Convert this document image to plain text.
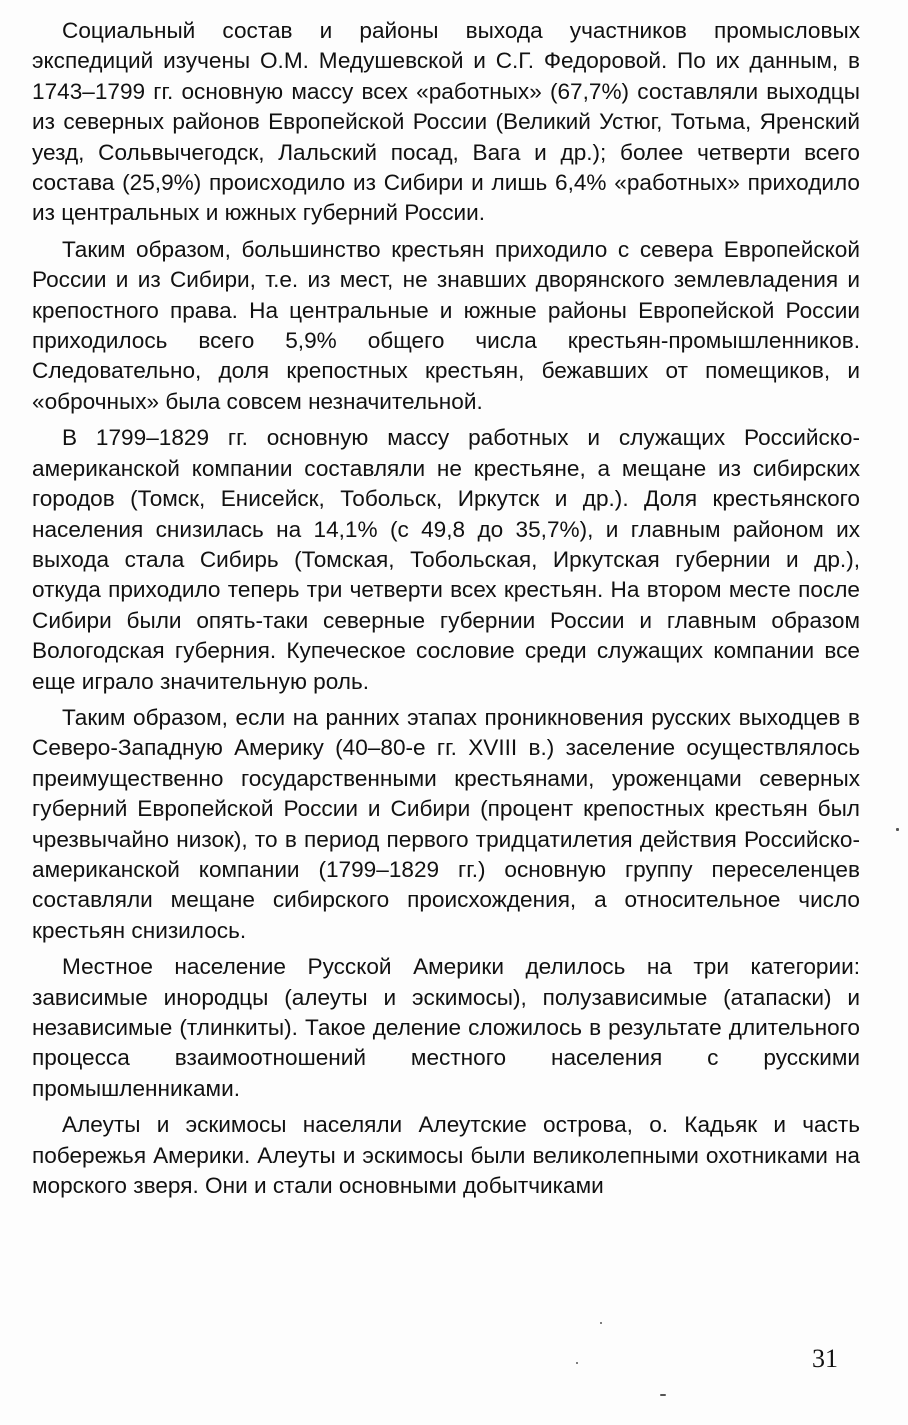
Социальный состав и районы выхода участников промысловых экспедиций изучены О.М. Медушевской и С.Г. Федоровой. По их данным, в 1743–1799 гг. основную массу всех «работных» (67,7%) составляли выходцы из северных районов Европейской России (Великий Устюг, Тотьма, Яренский уезд, Сольвычегодск, Лальский посад, Вага и др.); более четверти всего состава (25,9%) происходило из Сибири и лишь 6,4% «работных» приходило из центральных и южных губерний России.

Таким образом, большинство крестьян приходило с севера Европейской России и из Сибири, т.е. из мест, не знавших дворянского землевладения и крепостного права. На центральные и южные районы Европейской России приходилось всего 5,9% общего числа крестьян-промышленников. Следовательно, доля крепостных крестьян, бежавших от помещиков, и «оброчных» была совсем незначительной.

В 1799–1829 гг. основную массу работных и служащих Российско-американской компании составляли не крестьяне, а мещане из сибирских городов (Томск, Енисейск, Тобольск, Иркутск и др.). Доля крестьянского населения снизилась на 14,1% (с 49,8 до 35,7%), и главным районом их выхода стала Сибирь (Томская, Тобольская, Иркутская губернии и др.), откуда приходило теперь три четверти всех крестьян. На втором месте после Сибири были опять-таки северные губернии России и главным образом Вологодская губерния. Купеческое сословие среди служащих компании все еще играло значительную роль.

Таким образом, если на ранних этапах проникновения русских выходцев в Северо-Западную Америку (40–80-е гг. XVIII в.) заселение осуществлялось преимущественно государственными крестьянами, уроженцами северных губерний Европейской России и Сибири (процент крепостных крестьян был чрезвычайно низок), то в период первого тридцатилетия действия Российско-американской компании (1799–1829 гг.) основную группу переселенцев составляли мещане сибирского происхождения, а относительное число крестьян снизилось.

Местное население Русской Америки делилось на три категории: зависимые инородцы (алеуты и эскимосы), полузависимые (атапаски) и независимые (тлинкиты). Такое деление сложилось в результате длительного процесса взаимоотношений местного населения с русскими промышленниками.

Алеуты и эскимосы населяли Алеутские острова, о. Кадьяк и часть побережья Америки. Алеуты и эскимосы были великолепными охотниками на морского зверя. Они и стали основными добытчиками

31
